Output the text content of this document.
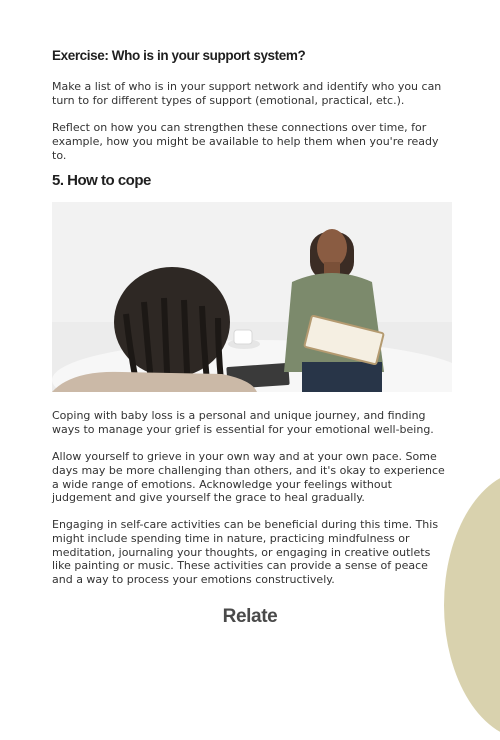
Exercise: Who is in your support system?

Make a list of who is in your support network and identify who you can turn to for different types of support (emotional, practical, etc.).

Reflect on how you can strengthen these connections over time, for example, how you might be available to help them when you're ready to.

5. How to cope

Coping with baby loss is a personal and unique journey, and finding ways to manage your grief is essential for your emotional well-being.

Allow yourself to grieve in your own way and at your own pace. Some days may be more challenging than others, and it's okay to experience a wide range of emotions. Acknowledge your feelings without judgement and give yourself the grace to heal gradually.

Engaging in self-care activities can be beneficial during this time. This might include spending time in nature, practicing mindfulness or meditation, journaling your thoughts, or engaging in creative outlets like painting or music. These activities can provide a sense of peace and a way to process your emotions constructively.

Relate
